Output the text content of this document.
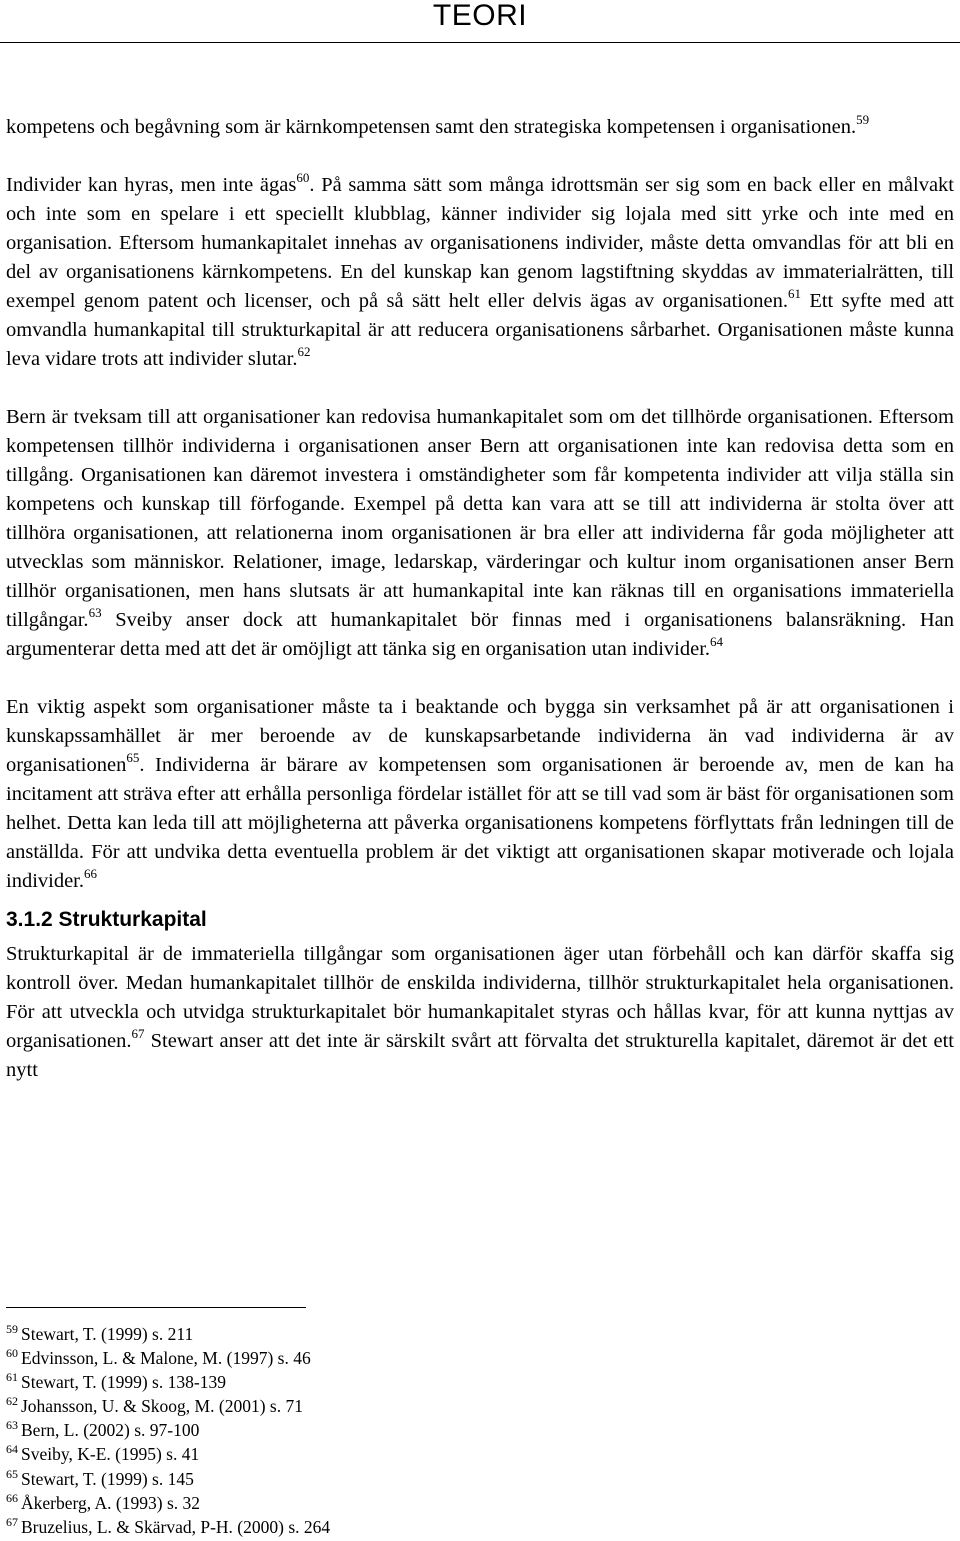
TEORI

kompetens och begåvning som är kärnkompetensen samt den strategiska kompetensen i organisationen.$^{59}$

Individer kan hyras, men inte ägas$^{60}$. På samma sätt som många idrottsmän ser sig som en back eller en målvakt och inte som en spelare i ett speciellt klubblag, känner individer sig lojala med sitt yrke och inte med en organisation. Eftersom humankapitalet innehas av organisationens individer, måste detta omvandlas för att bli en del av organisationens kärnkompetens. En del kunskap kan genom lagstiftning skyddas av immaterialrätten, till exempel genom patent och licenser, och på så sätt helt eller delvis ägas av organisationen.$^{61}$ Ett syfte med att omvandla humankapital till strukturkapital är att reducera organisationens sårbarhet. Organisationen måste kunna leva vidare trots att individer slutar.$^{62}$

Bern är tveksam till att organisationer kan redovisa humankapitalet som om det tillhörde organisationen. Eftersom kompetensen tillhör individerna i organisationen anser Bern att organisationen inte kan redovisa detta som en tillgång. Organisationen kan däremot investera i omständigheter som får kompetenta individer att vilja ställa sin kompetens och kunskap till förfogande. Exempel på detta kan vara att se till att individerna är stolta över att tillhöra organisationen, att relationerna inom organisationen är bra eller att individerna får goda möjligheter att utvecklas som människor. Relationer, image, ledarskap, värderingar och kultur inom organisationen anser Bern tillhör organisationen, men hans slutsats är att humankapital inte kan räknas till en organisations immateriella tillgångar.$^{63}$ Sveiby anser dock att humankapitalet bör finnas med i organisationens balansräkning. Han argumenterar detta med att det är omöjligt att tänka sig en organisation utan individer.$^{64}$

En viktig aspekt som organisationer måste ta i beaktande och bygga sin verksamhet på är att organisationen i kunskapssamhället är mer beroende av de kunskapsarbetande individerna än vad individerna är av organisationen$^{65}$. Individerna är bärare av kompetensen som organisationen är beroende av, men de kan ha incitament att sträva efter att erhålla personliga fördelar istället för att se till vad som är bäst för organisationen som helhet. Detta kan leda till att möjligheterna att påverka organisationens kompetens förflyttats från ledningen till de anställda. För att undvika detta eventuella problem är det viktigt att organisationen skapar motiverade och lojala individer.$^{66}$

3.1.2 Strukturkapital

Strukturkapital är de immateriella tillgångar som organisationen äger utan förbehåll och kan därför skaffa sig kontroll över. Medan humankapitalet tillhör de enskilda individerna, tillhör strukturkapitalet hela organisationen. För att utveckla och utvidga strukturkapitalet bör humankapitalet styras och hållas kvar, för att kunna nyttjas av organisationen.$^{67}$ Stewart anser att det inte är särskilt svårt att förvalta det strukturella kapitalet, däremot är det ett nytt

$^{59}$ Stewart, T. (1999) s. 211
$^{60}$ Edvinsson, L. & Malone, M. (1997) s. 46
$^{61}$ Stewart, T. (1999) s. 138-139
$^{62}$ Johansson, U. & Skoog, M. (2001) s. 71
$^{63}$ Bern, L. (2002) s. 97-100
$^{64}$ Sveiby, K-E. (1995) s. 41
$^{65}$ Stewart, T. (1999) s. 145
$^{66}$ Åkerberg, A. (1993) s. 32
$^{67}$ Bruzelius, L. & Skärvad, P-H. (2000) s. 264
